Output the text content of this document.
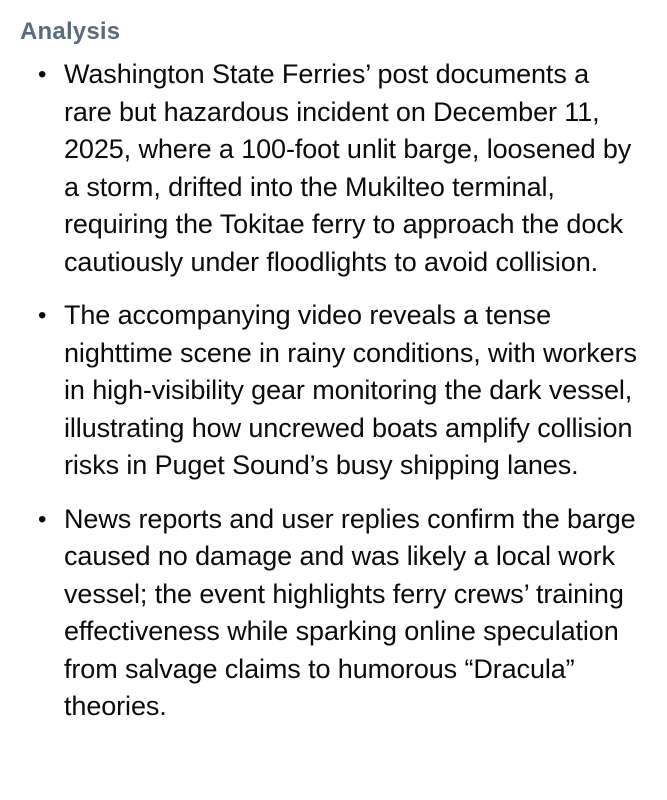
Analysis
• Washington State Ferries’ post documents a rare but hazardous incident on December 11, 2025, where a 100-foot unlit barge, loosened by a storm, drifted into the Mukilteo terminal, requiring the Tokitae ferry to approach the dock cautiously under floodlights to avoid collision.
• The accompanying video reveals a tense nighttime scene in rainy conditions, with workers in high-visibility gear monitoring the dark vessel, illustrating how uncrewed boats amplify collision risks in Puget Sound’s busy shipping lanes.
• News reports and user replies confirm the barge caused no damage and was likely a local work vessel; the event highlights ferry crews’ training effectiveness while sparking online speculation from salvage claims to humorous “Dracula” theories.
